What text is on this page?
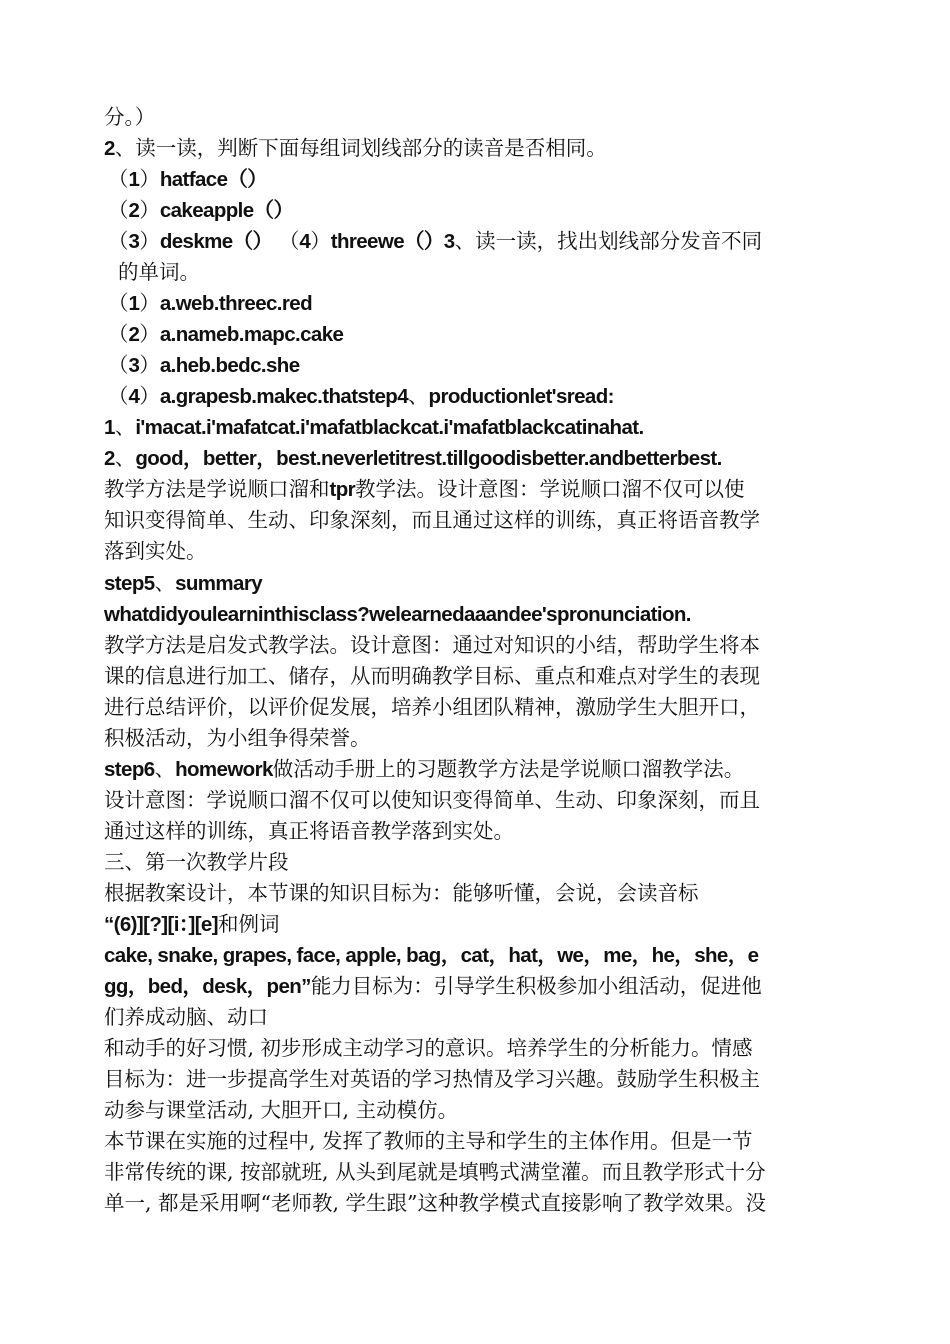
分。）
2、读一读，判断下面每组词划线部分的读音是否相同。
（1）hatface（）
（2）cakeapple（）
（3）deskme（） （4）threewe（）3、读一读，找出划线部分发音不同
的单词。
（1）a.web.threec.red
（2）a.nameb.mapc.cake
（3）a.heb.bedc.she
（4）a.grapesb.makec.thatstep4、productionlet'sread:
1、i'macat.i'mafatcat.i'mafatblackcat.i'mafatblackcatinahat.
2、good，better，best.neverletitrest.tillgoodisbetter.andbetterbest.
教学方法是学说顺口溜和tpr教学法。设计意图：学说顺口溜不仅可以使
知识变得简单、生动、印象深刻，而且通过这样的训练，真正将语音教学
落到实处。
step5、summary
whatdidyoulearninthisclass?welearnedaaandee'spronunciation.
教学方法是启发式教学法。设计意图：通过对知识的小结，帮助学生将本
课的信息进行加工、储存，从而明确教学目标、重点和难点对学生的表现
进行总结评价，以评价促发展，培养小组团队精神，激励学生大胆开口，
积极活动，为小组争得荣誉。
step6、homework做活动手册上的习题教学方法是学说顺口溜教学法。
设计意图：学说顺口溜不仅可以使知识变得简单、生动、印象深刻，而且
通过这样的训练，真正将语音教学落到实处。
三、第一次教学片段
根据教案设计，本节课的知识目标为：能够听懂，会说，会读音标
“(6)][?][i：][e]和例词
cake, snake, grapes, face, apple, bag，cat，hat，we，me，he，she，e
gg，bed，desk，pen”能力目标为：引导学生积极参加小组活动，促进他
们养成动脑、动口
和动手的好习惯, 初步形成主动学习的意识。培养学生的分析能力。情感
目标为：进一步提高学生对英语的学习热情及学习兴趣。鼓励学生积极主
动参与课堂活动, 大胆开口, 主动模仿。
本节课在实施的过程中, 发挥了教师的主导和学生的主体作用。但是一节
非常传统的课, 按部就班, 从头到尾就是填鸭式满堂灌。而且教学形式十分
单一, 都是采用啊“老师教, 学生跟”这种教学模式直接影响了教学效果。没
